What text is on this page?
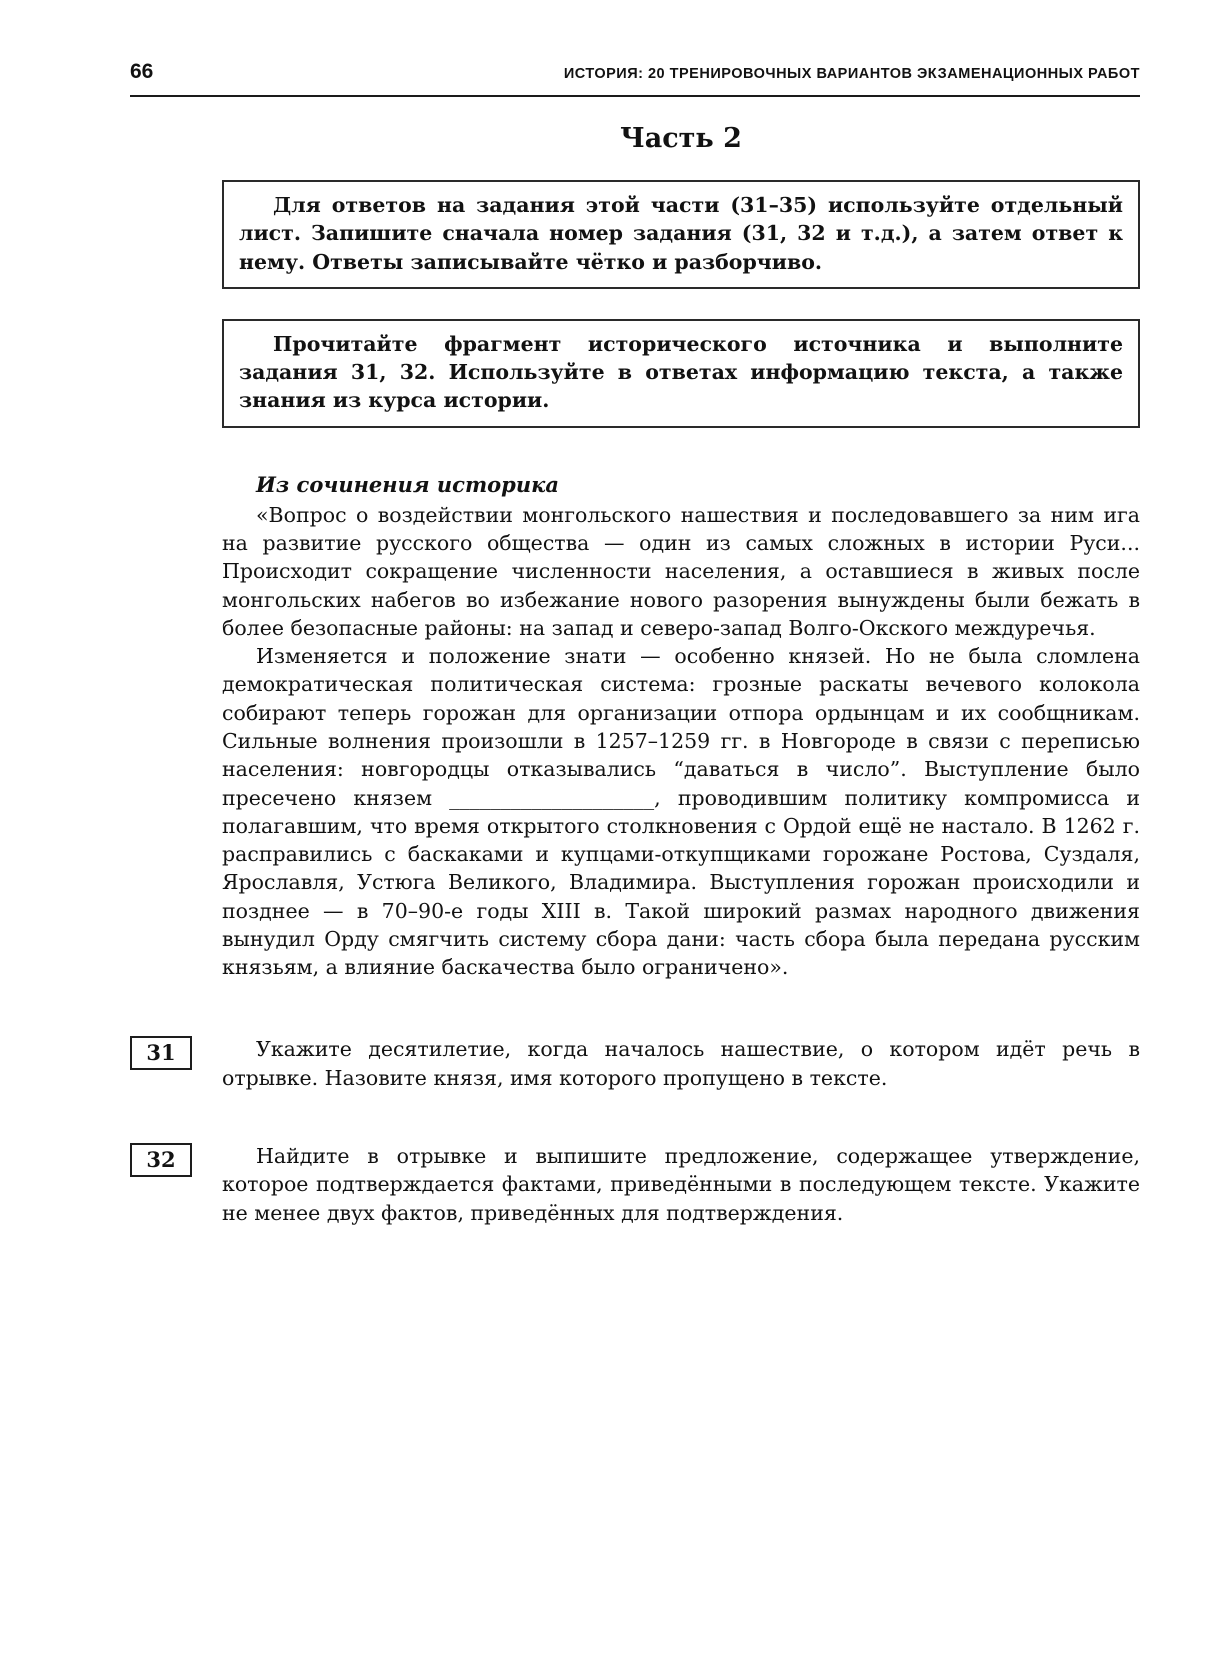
66	ИСТОРИЯ: 20 ТРЕНИРОВОЧНЫХ ВАРИАНТОВ ЭКЗАМЕНАЦИОННЫХ РАБОТ
Часть 2

Для ответов на задания этой части (31–35) используйте отдельный лист. Запишите сначала номер задания (31, 32 и т.д.), а затем ответ к нему. Ответы записывайте чётко и разборчиво.

Прочитайте фрагмент исторического источника и выполните задания 31, 32. Используйте в ответах информацию текста, а также знания из курса истории.

Из сочинения историка

«Вопрос о воздействии монгольского нашествия и последовавшего за ним ига на развитие русского общества — один из самых сложных в истории Руси... Происходит сокращение численности населения, а оставшиеся в живых после монгольских набегов во избежание нового разорения вынуждены были бежать в более безопасные районы: на запад и северо-запад Волго-Окского междуречья.

Изменяется и положение знати — особенно князей. Но не была сломлена демократическая политическая система: грозные раскаты вечевого колокола собирают теперь горожан для организации отпора ордынцам и их сообщникам. Сильные волнения произошли в 1257–1259 гг. в Новгороде в связи с переписью населения: новгородцы отказывались “даваться в число”. Выступление было пресечено князем ____________________, проводившим политику компромисса и полагавшим, что время открытого столкновения с Ордой ещё не настало. В 1262 г. расправились с баскаками и купцами-откупщиками горожане Ростова, Суздаля, Ярославля, Устюга Великого, Владимира. Выступления горожан происходили и позднее — в 70–90-е годы XIII в. Такой широкий размах народного движения вынудил Орду смягчить систему сбора дани: часть сбора была передана русским князьям, а влияние баскачества было ограничено».

31	Укажите десятилетие, когда началось нашествие, о котором идёт речь в отрывке. Назовите князя, имя которого пропущено в тексте.

32	Найдите в отрывке и выпишите предложение, содержащее утверждение, которое подтверждается фактами, приведёнными в последующем тексте. Укажите не менее двух фактов, приведённых для подтверждения.
